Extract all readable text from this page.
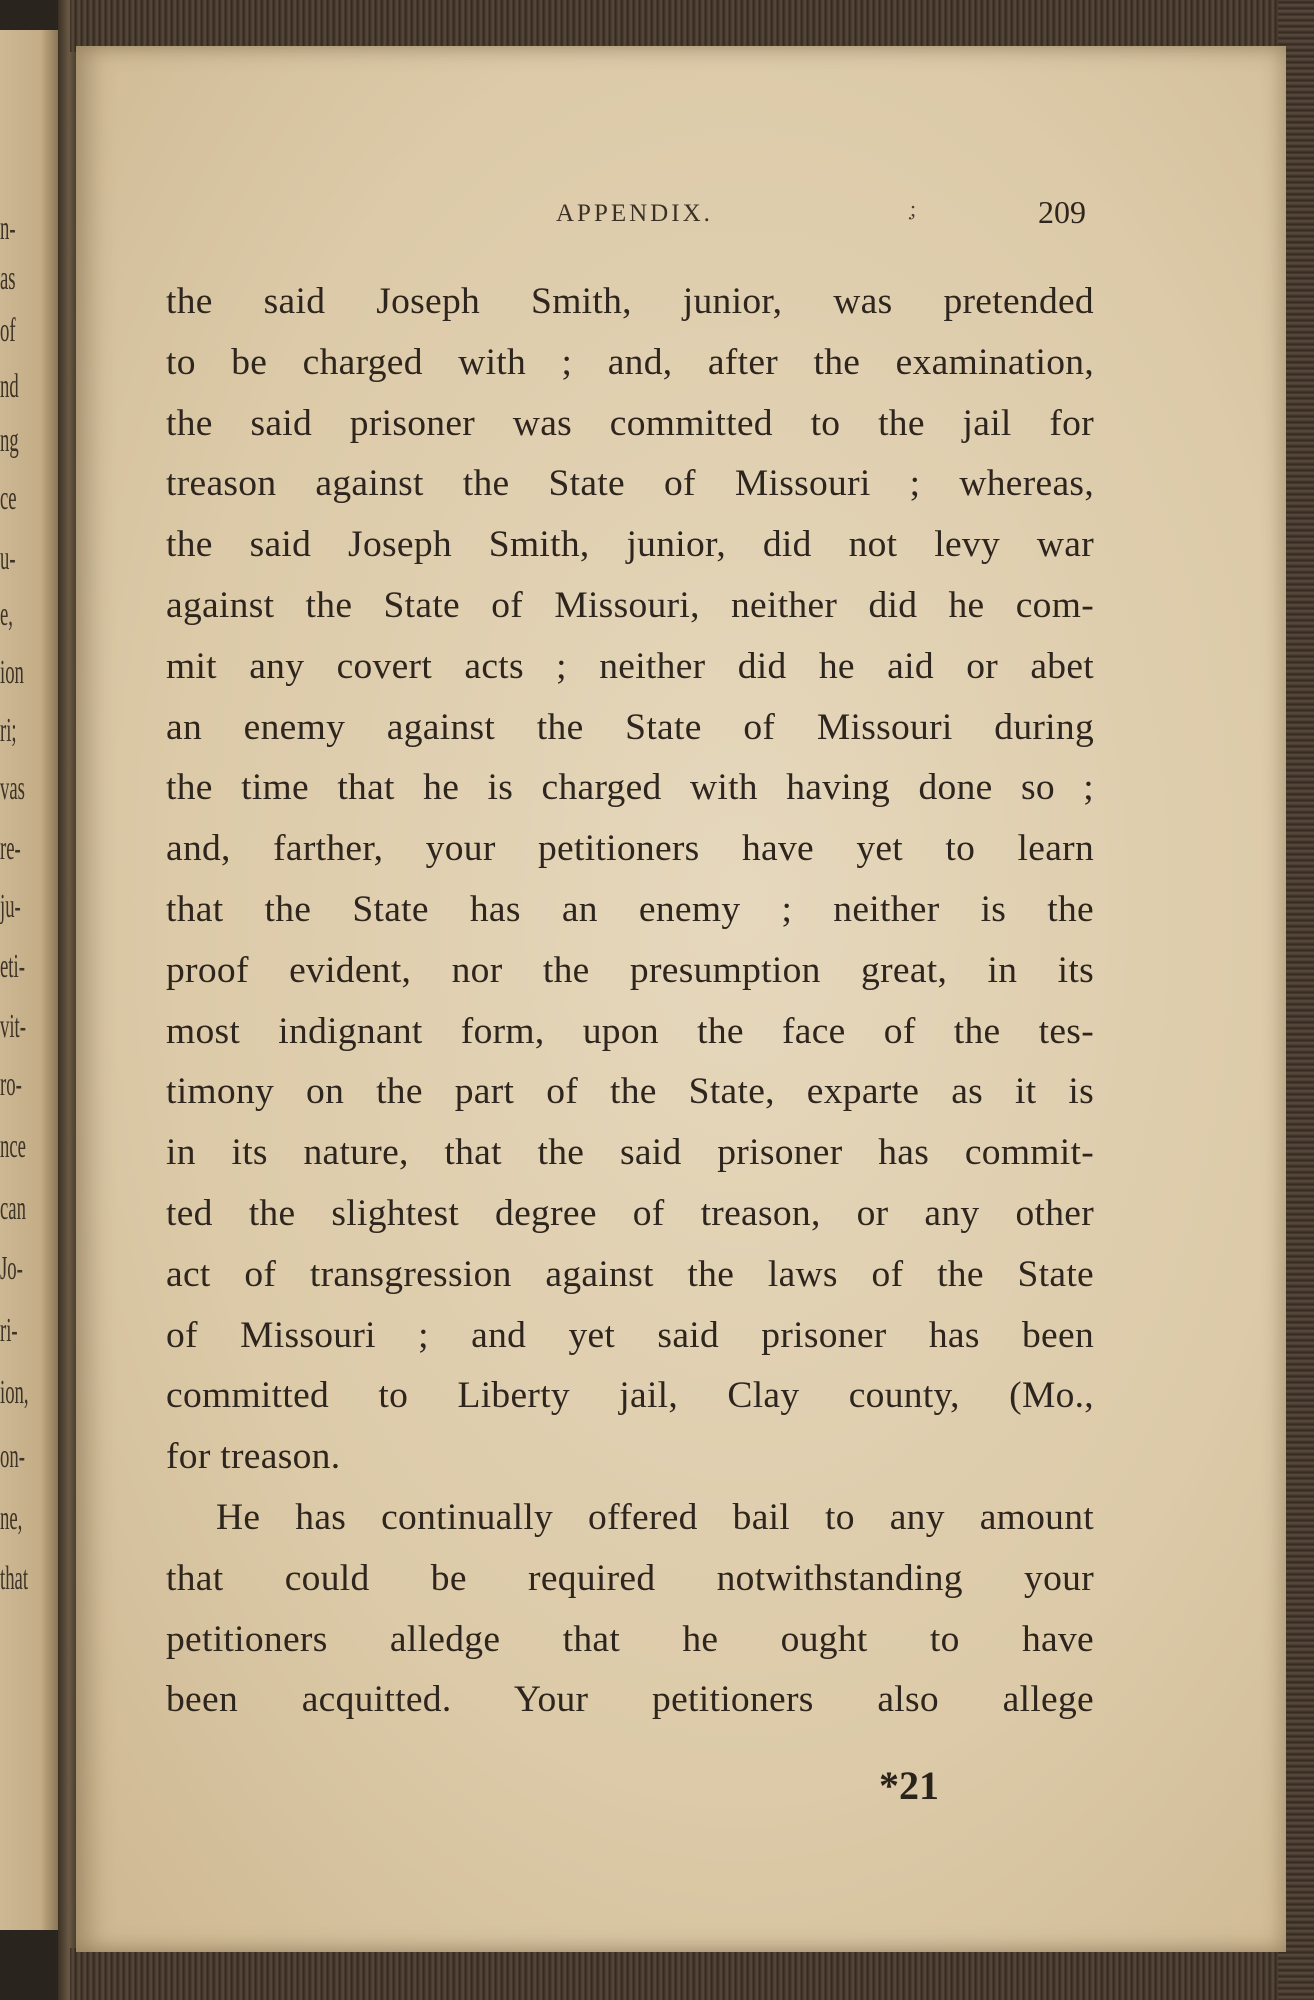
n-
as
of
nd
ng
ce
u-
e,
ion
ri;
vas
re-
ju-
eti-
vit-
ro-
nce
can
Jo-
ri-
ion,
on-
ne,
that
APPENDIX.	̣;	209
the said Joseph Smith, junior, was pretended
to be charged with ; and, after the examination,
the said prisoner was committed to the jail for
treason against the State of Missouri ; whereas,
the said Joseph Smith, junior, did not levy war
against the State of Missouri, neither did he com-
mit any covert acts ; neither did he aid or abet
an enemy against the State of Missouri during
the time that he is charged with having done so ;
and, farther, your petitioners have yet to learn
that the State has an enemy ; neither is the
proof evident, nor the presumption great, in its
most indignant form, upon the face of the tes-
timony on the part of the State, exparte as it is
in its nature, that the said prisoner has commit-
ted the slightest degree of treason, or any other
act of transgression against the laws of the State
of Missouri ; and yet said prisoner has been
committed to Liberty jail, Clay county, (Mo.,
for treason.
He has continually offered bail to any amount
that could be required notwithstanding your
petitioners alledge that he ought to have
been acquitted. Your petitioners also allege
*21
